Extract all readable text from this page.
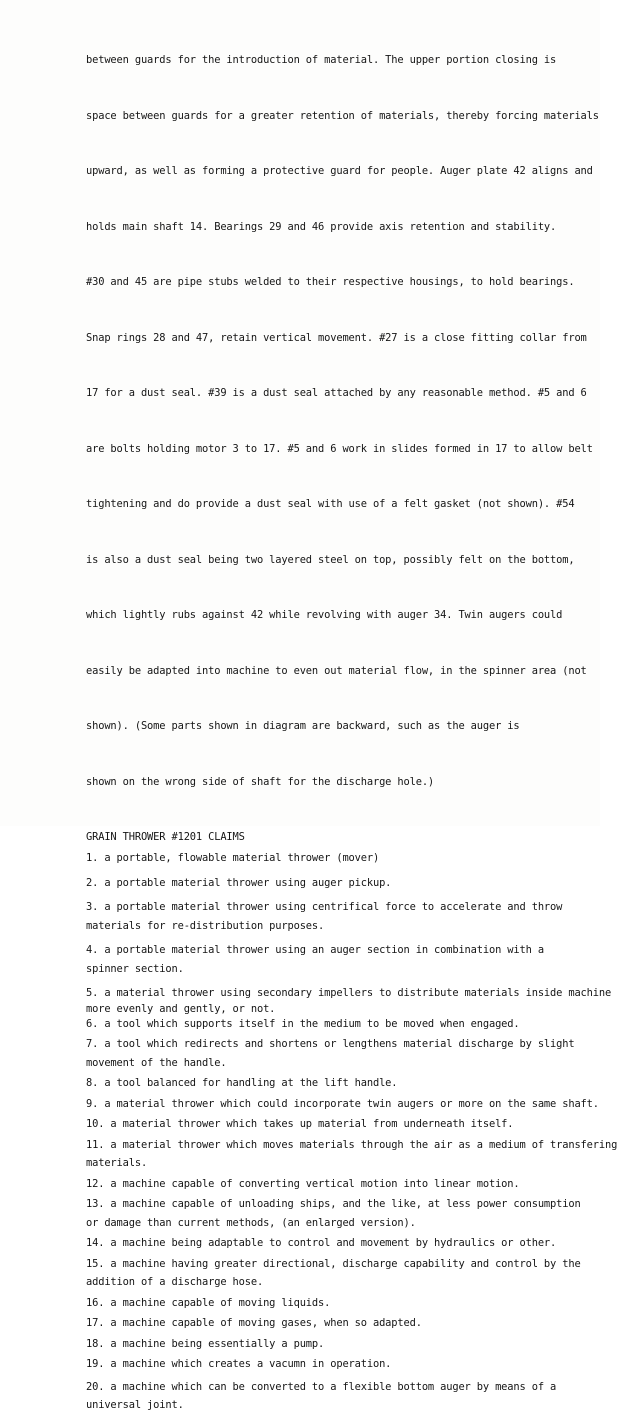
between guards for the introduction of material. The upper portion closing is

space between guards for a greater retention of materials, thereby forcing materials

upward, as well as forming a protective guard for people. Auger plate 42 aligns and

holds main shaft 14. Bearings 29 and 46 provide axis retention and stability.

#30 and 45 are pipe stubs welded to their respective housings, to hold bearings.

Snap rings 28 and 47, retain vertical movement. #27 is a close fitting collar from

17 for a dust seal. #39 is a dust seal attached by any reasonable method. #5 and 6

are bolts holding motor 3 to 17. #5 and 6 work in slides formed in 17 to allow belt

tightening and do provide a dust seal with use of a felt gasket (not shown). #54

is also a dust seal being two layered steel on top, possibly felt on the bottom,

which lightly rubs against 42 while revolving with auger 34. Twin augers could

easily be adapted into machine to even out material flow, in the spinner area (not

shown). (Some parts shown in diagram are backward, such as the auger is

shown on the wrong side of shaft for the discharge hole.)

GRAIN THROWER #1201 CLAIMS
1. a portable, flowable material thrower (mover)
2. a portable material thrower using auger pickup.
3. a portable material thrower using centrifical force to accelerate and throw
materials for re-distribution purposes.
4. a portable material thrower using an auger section in combination with a
spinner section.
5. a material thrower using secondary impellers to distribute materials inside machine
more evenly and gently, or not.
6. a tool which supports itself in the medium to be moved when engaged.
7. a tool which redirects and shortens or lengthens material discharge by slight
movement of the handle.
8. a tool balanced for handling at the lift handle.
9. a material thrower which could incorporate twin augers or more on the same shaft.
10. a material thrower which takes up material from underneath itself.
11. a material thrower which moves materials through the air as a medium of transfering
materials.
12. a machine capable of converting vertical motion into linear motion.
13. a machine capable of unloading ships, and the like, at less power consumption
or damage than current methods, (an enlarged version).
14. a machine being adaptable to control and movement by hydraulics or other.
15. a machine having greater directional, discharge capability and control by the
addition of a discharge hose.
16. a machine capable of moving liquids.
17. a machine capable of moving gases, when so adapted.
18. a machine being essentially a pump.
19. a machine which creates a vacumn in operation.
20. a machine which can be converted to a flexible bottom auger by means of a
universal joint.
